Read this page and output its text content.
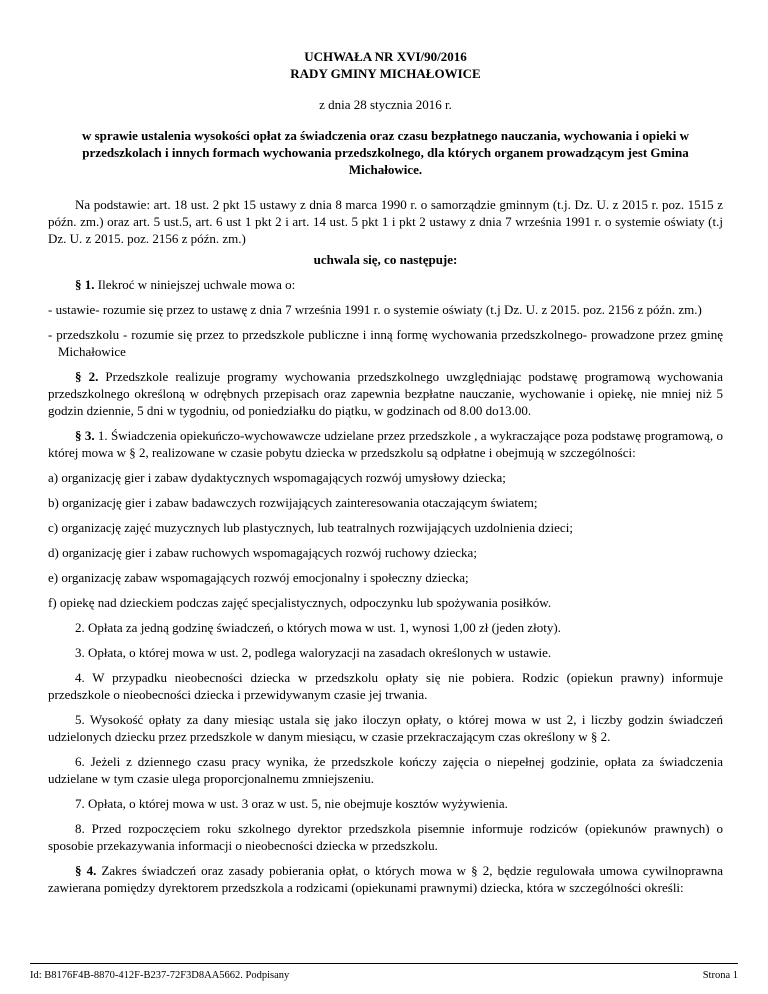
UCHWAŁA NR XVI/90/2016

RADY GMINY MICHAŁOWICE

z dnia 28 stycznia 2016 r.

w sprawie ustalenia wysokości opłat za świadczenia oraz czasu bezpłatnego nauczania, wychowania i opieki w przedszkolach i innych formach wychowania przedszkolnego, dla których organem prowadzącym jest Gmina Michałowice.

Na podstawie: art. 18 ust. 2 pkt 15 ustawy z dnia 8 marca 1990 r. o samorządzie gminnym (t.j. Dz. U. z 2015 r. poz. 1515 z późn. zm.) oraz art. 5 ust.5, art. 6 ust 1 pkt 2 i art. 14 ust. 5 pkt 1 i pkt 2 ustawy z dnia 7 września 1991 r. o systemie oświaty (t.j Dz. U. z 2015. poz. 2156 z późn. zm.)

uchwala się, co następuje:

§ 1. Ilekroć w niniejszej uchwale mowa o:

- ustawie- rozumie się przez to ustawę z dnia 7 września 1991 r. o systemie oświaty (t.j Dz. U. z 2015. poz. 2156 z późn. zm.)

- przedszkolu - rozumie się przez to przedszkole publiczne i inną formę wychowania przedszkolnego- prowadzone przez gminę Michałowice

§ 2. Przedszkole realizuje programy wychowania przedszkolnego uwzględniając podstawę programową wychowania przedszkolnego określoną w odrębnych przepisach oraz zapewnia bezpłatne nauczanie, wychowanie i opiekę, nie mniej niż 5 godzin dziennie, 5 dni w tygodniu, od poniedziałku do piątku, w godzinach od 8.00 do13.00.

§ 3. 1. Świadczenia opiekuńczo-wychowawcze udzielane przez przedszkole , a wykraczające poza podstawę programową, o której mowa w § 2, realizowane w czasie pobytu dziecka w przedszkolu są odpłatne i obejmują w szczególności:

a) organizację gier i zabaw dydaktycznych wspomagających rozwój umysłowy dziecka;

b) organizację gier i zabaw badawczych rozwijających zainteresowania otaczającym światem;

c) organizację zajęć muzycznych lub plastycznych, lub teatralnych rozwijających uzdolnienia dzieci;

d) organizację gier i zabaw ruchowych wspomagających rozwój ruchowy dziecka;

e) organizację zabaw wspomagających rozwój emocjonalny i społeczny dziecka;

f) opiekę nad dzieckiem podczas zajęć specjalistycznych, odpoczynku lub spożywania posiłków.

2. Opłata za jedną godzinę świadczeń, o których mowa w ust. 1, wynosi 1,00 zł (jeden złoty).

3. Opłata, o której mowa w ust. 2, podlega waloryzacji na zasadach określonych w ustawie.

4. W przypadku nieobecności dziecka w przedszkolu opłaty się nie pobiera. Rodzic (opiekun prawny) informuje przedszkole o nieobecności dziecka i przewidywanym czasie jej trwania.

5. Wysokość opłaty za dany miesiąc ustala się jako iloczyn opłaty, o której mowa w ust 2, i liczby godzin świadczeń udzielonych dziecku przez przedszkole w danym miesiącu, w czasie przekraczającym czas określony w § 2.

6. Jeżeli z dziennego czasu pracy wynika, że przedszkole kończy zajęcia o niepełnej godzinie, opłata za świadczenia udzielane w tym czasie ulega proporcjonalnemu zmniejszeniu.

7. Opłata, o której mowa w ust. 3 oraz w ust. 5, nie obejmuje kosztów wyżywienia.

8. Przed rozpoczęciem roku szkolnego dyrektor przedszkola pisemnie informuje rodziców (opiekunów prawnych) o sposobie przekazywania informacji o nieobecności dziecka w przedszkolu.

§ 4. Zakres świadczeń oraz zasady pobierania opłat, o których mowa w § 2, będzie regulowała umowa cywilnoprawna zawierana pomiędzy dyrektorem przedszkola a rodzicami (opiekunami prawnymi) dziecka, która w szczególności określi:

Id: B8176F4B-8870-412F-B237-72F3D8AA5662. Podpisany	Strona 1
